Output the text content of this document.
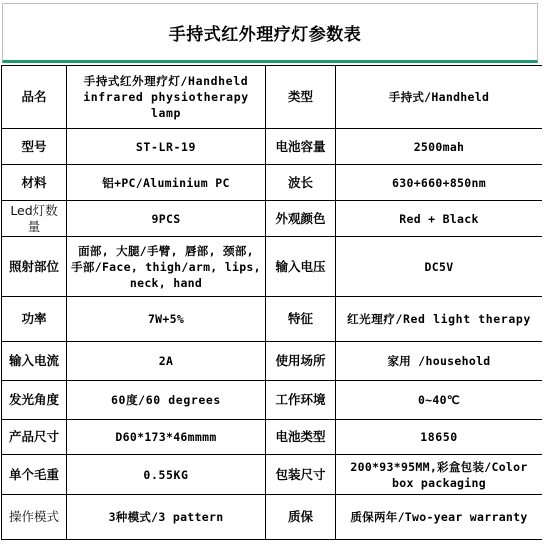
手持式红外理疗灯参数表
品名	手持式红外理疗灯/Handheld infrared physiotherapy lamp	类型	手持式/Handheld
型号	ST-LR-19	电池容量	2500mah
材料	铝+PC/Aluminium PC	波长	630+660+850nm
Led灯数量	9PCS	外观颜色	Red + Black
照射部位	面部, 大腿/手臂, 唇部, 颈部, 手部/Face, thigh/arm, lips, neck, hand	输入电压	DC5V
功率	7W+5%	特征	红光理疗/Red light therapy
输入电流	2A	使用场所	家用 /household
发光角度	60度/60 degrees	工作环境	0~40℃
产品尺寸	D60*173*46mmmm	电池类型	18650
单个毛重	0.55KG	包装尺寸	200*93*95MM,彩盒包装/Color box packaging
操作模式	3种模式/3 pattern	质保	质保两年/Two-year warranty
